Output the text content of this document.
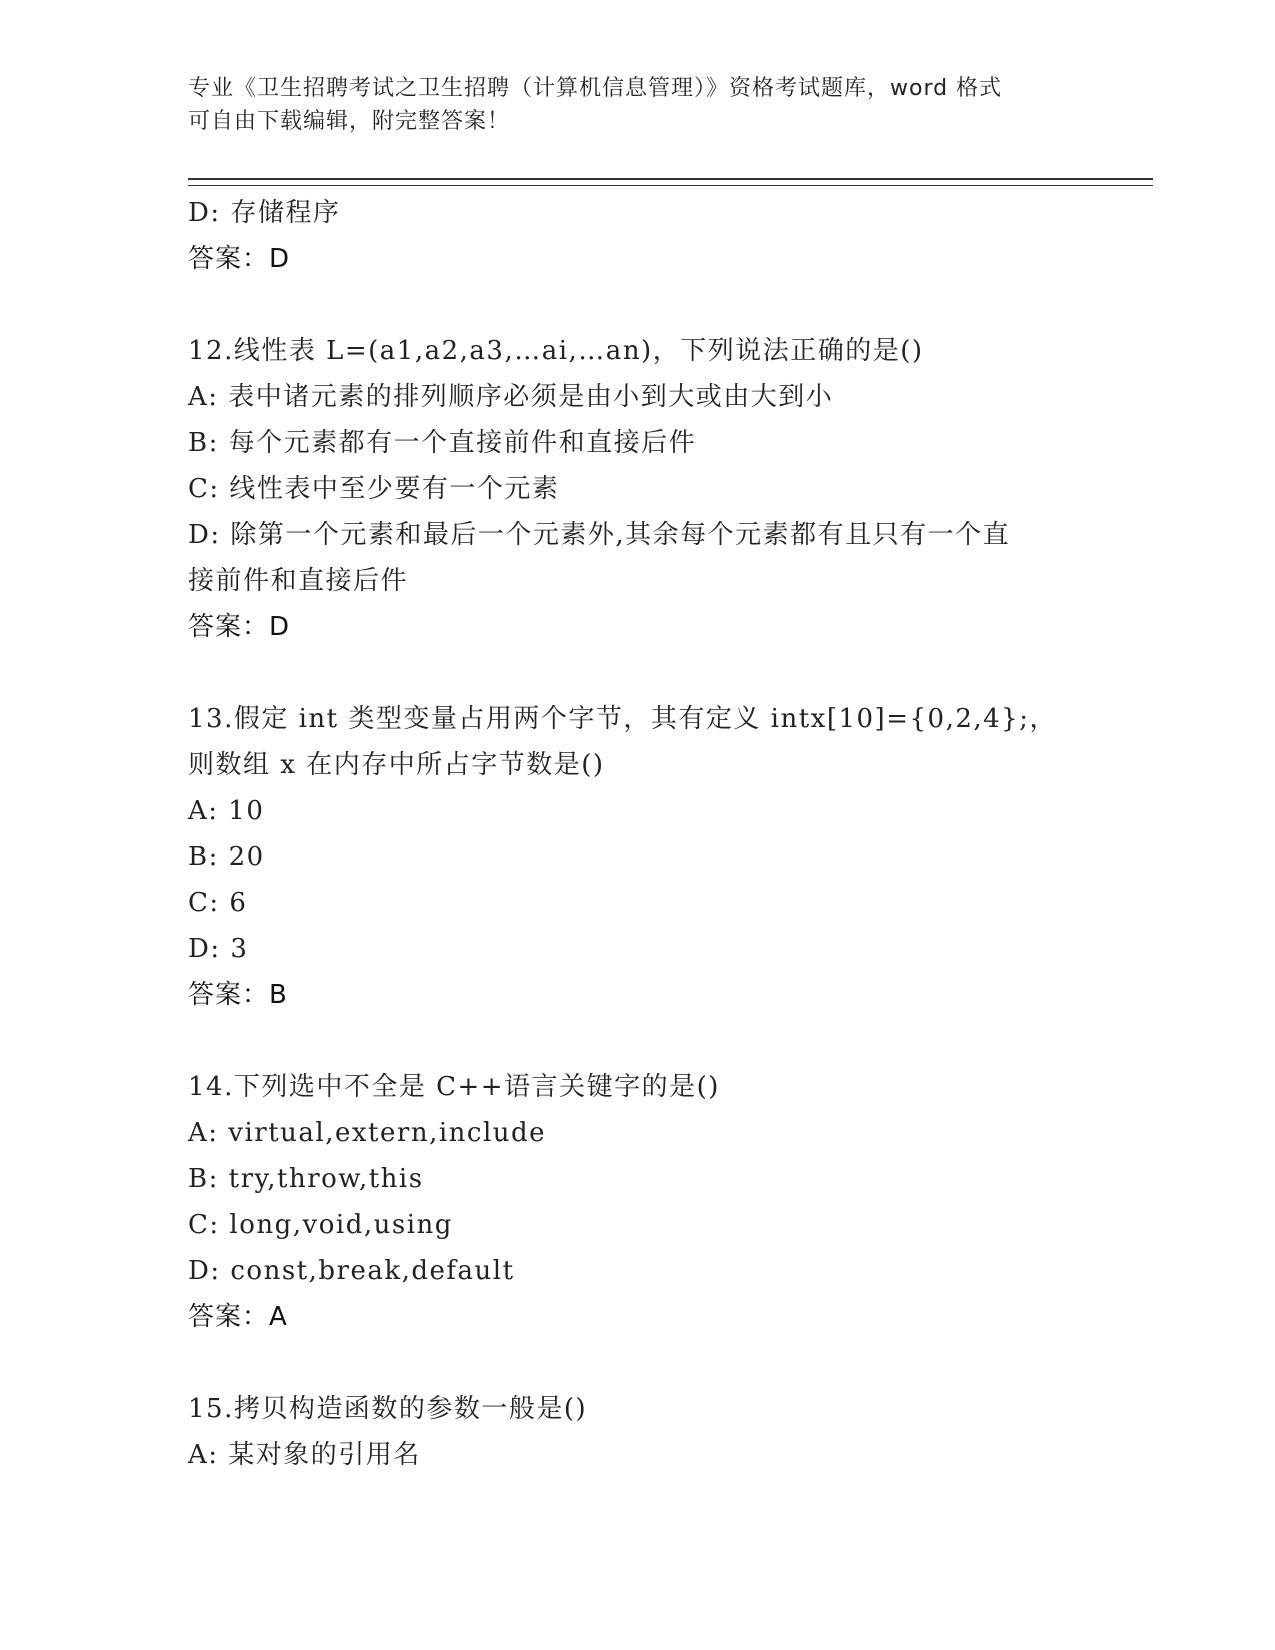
专业《卫生招聘考试之卫生招聘（计算机信息管理）》资格考试题库，word 格式
可自由下载编辑，附完整答案！
D: 存储程序
答案：D
12.线性表 L=(a1,a2,a3,…ai,…an)，下列说法正确的是()
A: 表中诸元素的排列顺序必须是由小到大或由大到小
B: 每个元素都有一个直接前件和直接后件
C: 线性表中至少要有一个元素
D: 除第一个元素和最后一个元素外,其余每个元素都有且只有一个直
接前件和直接后件
答案：D
13.假定 int 类型变量占用两个字节，其有定义 intx[10]={0,2,4};，
则数组 x 在内存中所占字节数是()
A: 10
B: 20
C: 6
D: 3
答案：B
14.下列选中不全是 C++语言关键字的是()
A: virtual,extern,include
B: try,throw,this
C: long,void,using
D: const,break,default
答案：A
15.拷贝构造函数的参数一般是()
A: 某对象的引用名
